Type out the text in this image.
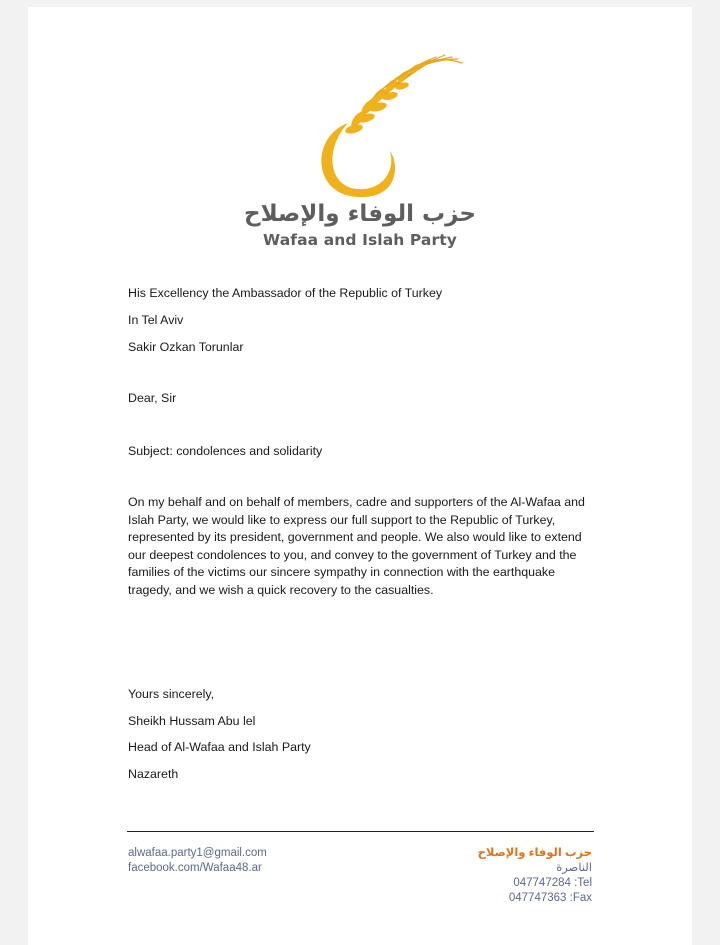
حزب الوفاء والإصلاح
Wafaa and Islah Party
His Excellency the Ambassador of the Republic of Turkey
In Tel Aviv
Sakir Ozkan Torunlar
Dear, Sir
Subject: condolences and solidarity
On my behalf and on behalf of members, cadre and supporters of the Al-Wafaa and
Islah Party, we would like to express our full support to the Republic of Turkey,
represented by its president, government and people. We also would like to extend
our deepest condolences to you, and convey to the government of Turkey and the
families of the victims our sincere sympathy in connection with the earthquake
tragedy, and we wish a quick recovery to the casualties.
Yours sincerely,
Sheikh Hussam Abu lel
Head of Al-Wafaa and Islah Party
Nazareth
alwafaa.party1@gmail.com
facebook.com/Wafaa48.ar
حزب الوفاء والإصلاح
الناصرة
047747284 :Tel
047747363 :Fax
